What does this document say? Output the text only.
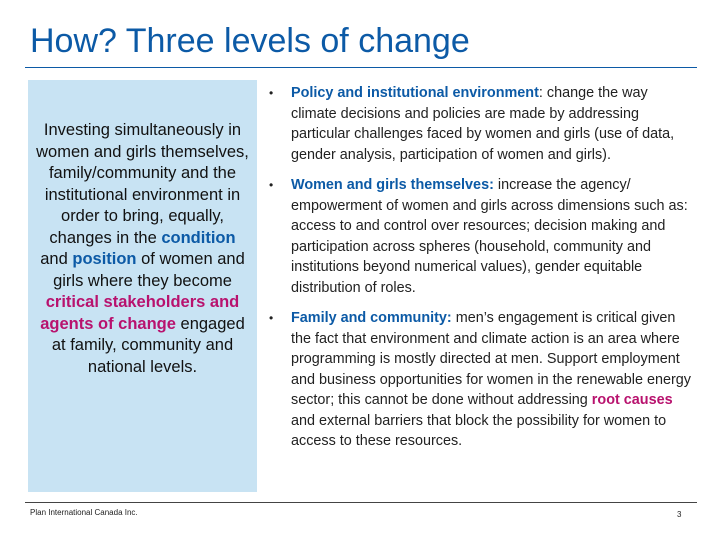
How? Three levels of change
Investing simultaneously in women and girls themselves, family/community and the institutional environment in order to bring, equally, changes in the condition and position of women and girls where they become critical stakeholders and agents of change engaged at family, community and national levels.
• Policy and institutional environment: change the way climate decisions and policies are made by addressing particular challenges faced by women and girls (use of data, gender analysis, participation of women and girls).
• Women and girls themselves: increase the agency/ empowerment of women and girls across dimensions such as: access to and control over resources; decision making and participation across spheres (household, community and institutions beyond numerical values), gender equitable distribution of roles.
• Family and community: men’s engagement is critical given the fact that environment and climate action is an area where programming is mostly directed at men. Support employment and business opportunities for women in the renewable energy sector; this cannot be done without addressing root causes and external barriers that block the possibility for women to access to these resources.
Plan International Canada Inc.	3
